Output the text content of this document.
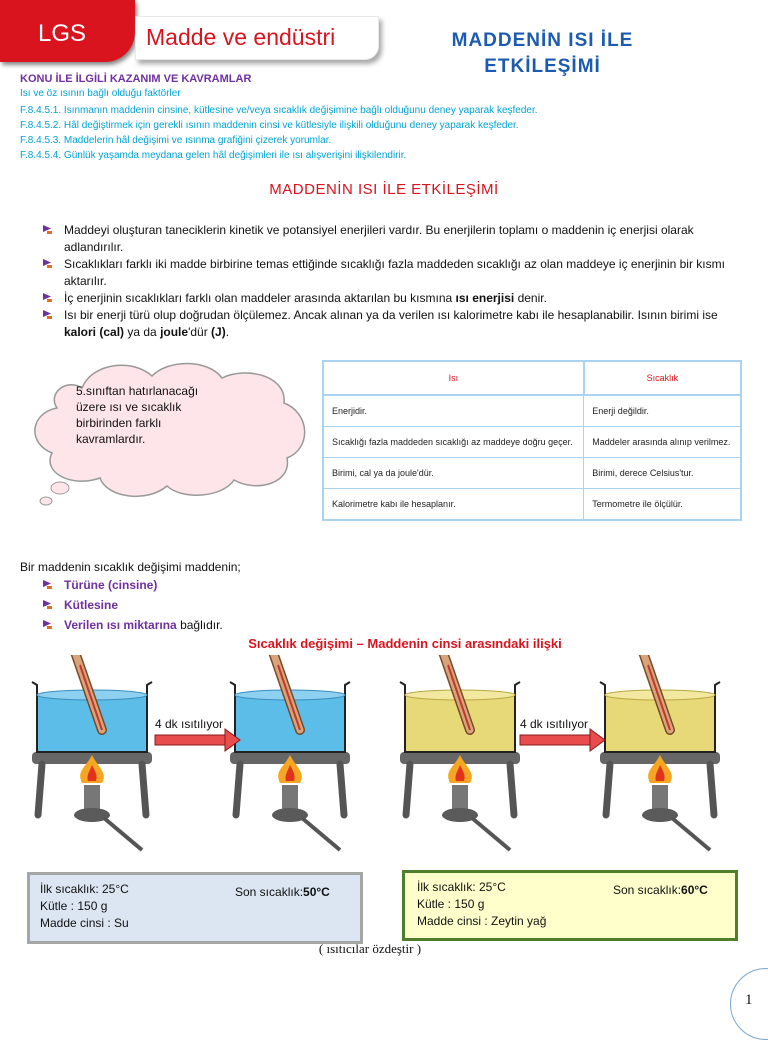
LGS	Madde ve endüstri	MADDENİN ISI İLE
ETKİLEŞİMİ
KONU İLE İLGİLİ KAZANIM VE KAVRAMLAR
Isı ve öz ısının bağlı olduğu faktörler
F.8.4.5.1. Isınmanın maddenin cinsine, kütlesine ve/veya sıcaklık değişimine bağlı olduğunu deney yaparak keşfeder.
F.8.4.5.2. Hâl değiştirmek için gerekli ısının maddenin cinsi ve kütlesiyle ilişkili olduğunu deney yaparak keşfeder.
F.8.4.5.3. Maddelerin hâl değişimi ve ısınma grafiğini çizerek yorumlar.
F.8.4.5.4. Günlük yaşamda meydana gelen hâl değişimleri ile ısı alışverişini ilişkilendirir.
MADDENİN ISI İLE ETKİLEŞİMİ
Maddeyi oluşturan taneciklerin kinetik ve potansiyel enerjileri vardır. Bu enerjilerin toplamı o maddenin iç enerjisi olarak adlandırılır.
Sıcaklıkları farklı iki madde birbirine temas ettiğinde sıcaklığı fazla maddeden sıcaklığı az olan maddeye iç enerjinin bir kısmı aktarılır.
İç enerjinin sıcaklıkları farklı olan maddeler arasında aktarılan bu kısmına ısı enerjisi denir.
Isı bir enerji türü olup doğrudan ölçülemez. Ancak alınan ya da verilen ısı kalorimetre kabı ile hesaplanabilir. Isının birimi ise kalori (cal) ya da joule'dür (J).
5.sınıftan hatırlanacağı üzere ısı ve sıcaklık birbirinden farklı kavramlardır.
Isı	Sıcaklık
Enerjidir.	Enerji değildir.
Sıcaklığı fazla maddeden sıcaklığı az maddeye doğru geçer.	Maddeler arasında alınıp verilmez.
Birimi, cal ya da joule'dür.	Birimi, derece Celsius'tur.
Kalorimetre kabı ile hesaplanır.	Termometre ile ölçülür.
Bir maddenin sıcaklık değişimi maddenin;
Türüne (cinsine)
Kütlesine
Verilen ısı miktarına bağlıdır.
Sıcaklık değişimi – Maddenin cinsi arasındaki ilişki
4 dk ısıtılıyor	4 dk ısıtılıyor
İlk sıcaklık: 25°C
Kütle : 150 g
Madde cinsi : Su
Son sıcaklık:50°C	İlk sıcaklık: 25°C
Kütle : 150 g
Madde cinsi : Zeytin yağ
Son sıcaklık:60°C
( ısıtıcılar özdeştir )
1
